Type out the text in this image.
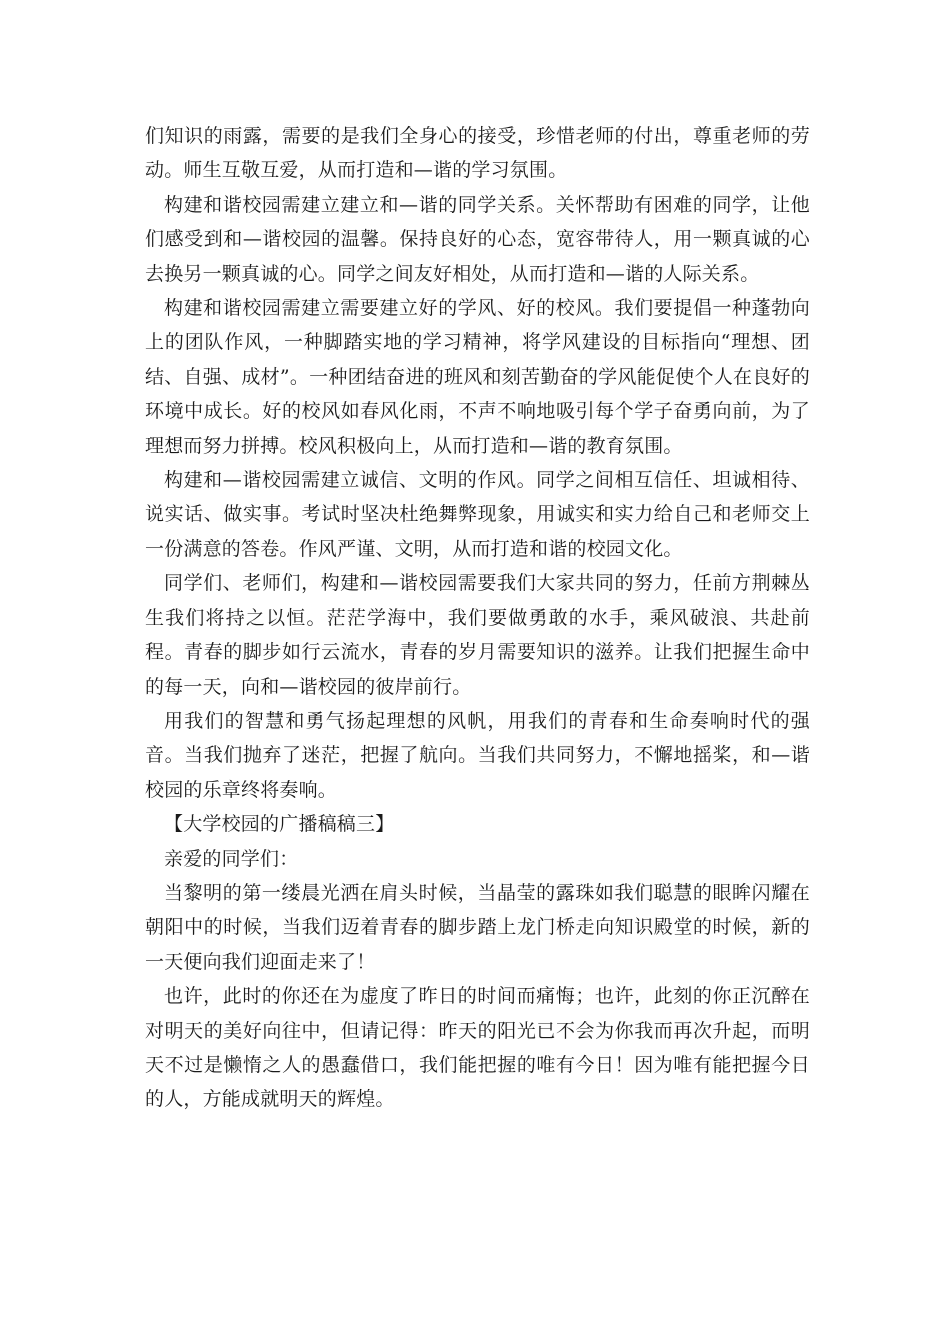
们知识的雨露，需要的是我们全身心的接受，珍惜老师的付出，尊重老师的劳动。师生互敬互爱，从而打造和—谐的学习氛围。

构建和谐校园需建立建立和—谐的同学关系。关怀帮助有困难的同学，让他们感受到和—谐校园的温馨。保持良好的心态，宽容带待人，用一颗真诚的心去换另一颗真诚的心。同学之间友好相处，从而打造和—谐的人际关系。

构建和谐校园需建立需要建立好的学风、好的校风。我们要提倡一种蓬勃向上的团队作风，一种脚踏实地的学习精神，将学风建设的目标指向“理想、团结、自强、成材”。一种团结奋进的班风和刻苦勤奋的学风能促使个人在良好的环境中成长。好的校风如春风化雨，不声不响地吸引每个学子奋勇向前，为了理想而努力拼搏。校风积极向上，从而打造和—谐的教育氛围。

构建和—谐校园需建立诚信、文明的作风。同学之间相互信任、坦诚相待、说实话、做实事。考试时坚决杜绝舞弊现象，用诚实和实力给自己和老师交上一份满意的答卷。作风严谨、文明，从而打造和谐的校园文化。

同学们、老师们，构建和—谐校园需要我们大家共同的努力，任前方荆棘丛生我们将持之以恒。茫茫学海中，我们要做勇敢的水手，乘风破浪、共赴前程。青春的脚步如行云流水，青春的岁月需要知识的滋养。让我们把握生命中的每一天，向和—谐校园的彼岸前行。

用我们的智慧和勇气扬起理想的风帆，用我们的青春和生命奏响时代的强音。当我们抛弃了迷茫，把握了航向。当我们共同努力，不懈地摇桨，和—谐校园的乐章终将奏响。

【大学校园的广播稿稿三】

亲爱的同学们：

当黎明的第一缕晨光洒在肩头时候，当晶莹的露珠如我们聪慧的眼眸闪耀在朝阳中的时候，当我们迈着青春的脚步踏上龙门桥走向知识殿堂的时候，新的一天便向我们迎面走来了！

也许，此时的你还在为虚度了昨日的时间而痛悔；也许，此刻的你正沉醉在对明天的美好向往中，但请记得：昨天的阳光已不会为你我而再次升起，而明天不过是懒惰之人的愚蠢借口，我们能把握的唯有今日！因为唯有能把握今日的人，方能成就明天的辉煌。
